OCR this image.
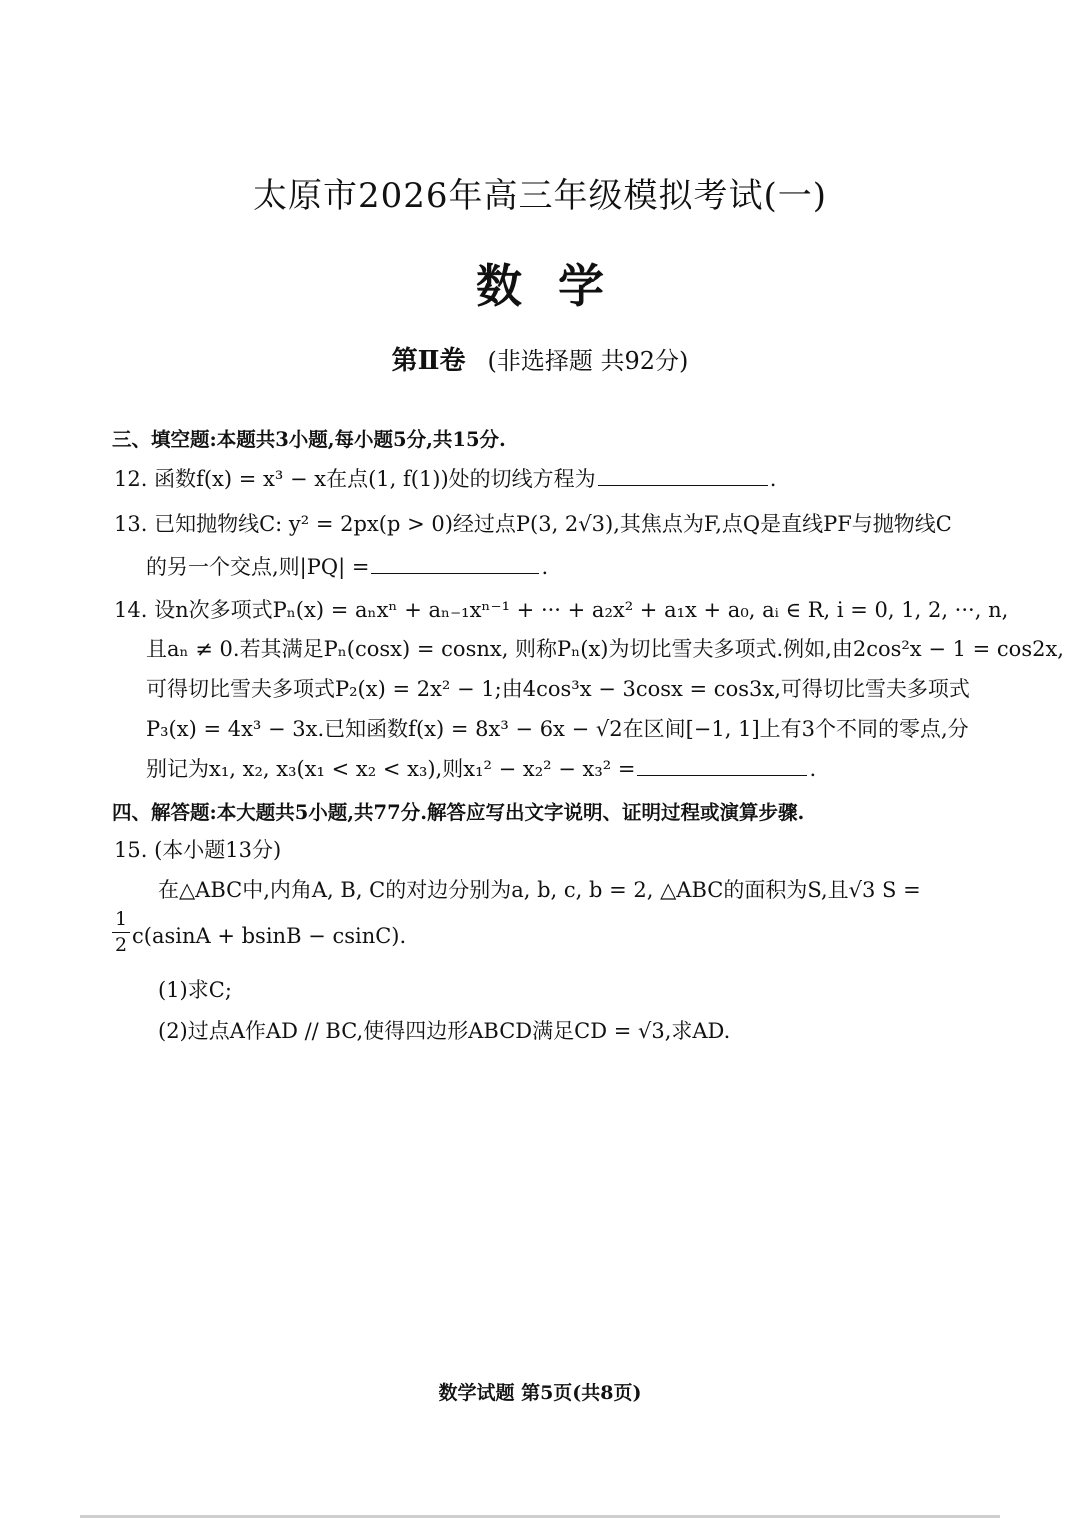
太原市2026年高三年级模拟考试(一)
数学
第Ⅱ卷 (非选择题 共92分)
三、填空题:本题共3小题,每小题5分,共15分.
12. 函数f(x) = x³ − x在点(1, f(1))处的切线方程为	.
13. 已知抛物线C: y² = 2px(p > 0)经过点P(3, 2√3),其焦点为F,点Q是直线PF与抛物线C
的另一个交点,则|PQ| =	.
14. 设n次多项式Pₙ(x) = aₙxⁿ + aₙ₋₁xⁿ⁻¹ + ··· + a₂x² + a₁x + a₀, aᵢ ∈ R, i = 0, 1, 2, ···, n,
且aₙ ≠ 0.若其满足Pₙ(cosx) = cosnx, 则称Pₙ(x)为切比雪夫多项式.例如,由2cos²x − 1 = cos2x,
可得切比雪夫多项式P₂(x) = 2x² − 1;由4cos³x − 3cosx = cos3x,可得切比雪夫多项式
P₃(x) = 4x³ − 3x.已知函数f(x) = 8x³ − 6x − √2在区间[−1, 1]上有3个不同的零点,分
别记为x₁, x₂, x₃(x₁ < x₂ < x₃),则x₁² − x₂² − x₃² =	.
四、解答题:本大题共5小题,共77分.解答应写出文字说明、证明过程或演算步骤.
15. (本小题13分)
在△ABC中,内角A, B, C的对边分别为a, b, c, b = 2, △ABC的面积为S,且√3 S =
1
2 c(asinA + bsinB − csinC).
(1)求C;
(2)过点A作AD // BC,使得四边形ABCD满足CD = √3,求AD.
数学试题 第5页(共8页)
